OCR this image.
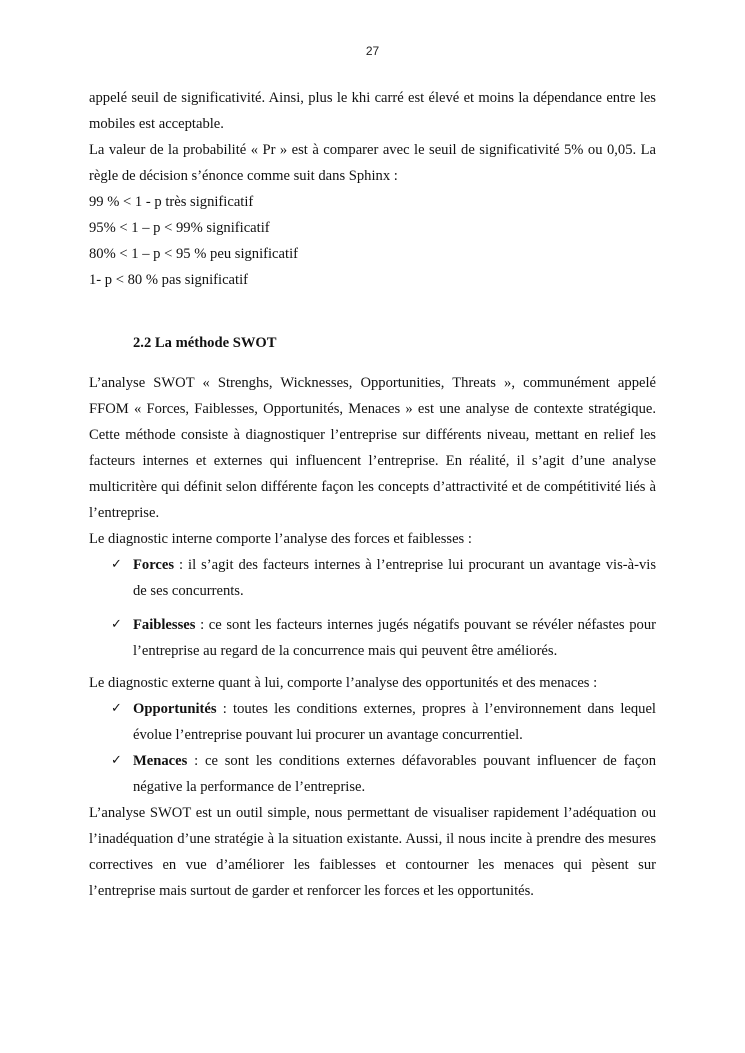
27

appelé seuil de significativité. Ainsi, plus le khi carré est élevé et moins la dépendance entre les mobiles est acceptable.

La valeur de la probabilité « Pr » est à comparer avec le seuil de significativité 5% ou 0,05. La règle de décision s’énonce comme suit dans Sphinx :

99 % < 1 - p très significatif
95% < 1 – p < 99% significatif
80% < 1 – p < 95 % peu significatif
1- p < 80 % pas significatif
2.2 La méthode SWOT

L’analyse SWOT « Strenghs, Wicknesses, Opportunities, Threats », communément appelé FFOM « Forces, Faiblesses, Opportunités, Menaces » est une analyse de contexte stratégique. Cette méthode consiste à diagnostiquer l’entreprise sur différents niveau, mettant en relief les facteurs internes et externes qui influencent l’entreprise. En réalité, il s’agit d’une analyse multicritère qui définit selon différente façon les concepts d’attractivité et de compétitivité liés à l’entreprise.

Le diagnostic interne comporte l’analyse des forces et faiblesses :

✓ Forces : il s’agit des facteurs internes à l’entreprise lui procurant un avantage vis-à-vis de ses concurrents.
✓ Faiblesses : ce sont les facteurs internes jugés négatifs pouvant se révéler néfastes pour l’entreprise au regard de la concurrence mais qui peuvent être améliorés.

Le diagnostic externe quant à lui, comporte l’analyse des opportunités et des menaces :

✓ Opportunités : toutes les conditions externes, propres à l’environnement dans lequel évolue l’entreprise pouvant lui procurer un avantage concurrentiel.
✓ Menaces : ce sont les conditions externes défavorables pouvant influencer de façon négative la performance de l’entreprise.

L’analyse SWOT est un outil simple, nous permettant de visualiser rapidement l’adéquation ou l’inadéquation d’une stratégie à la situation existante. Aussi, il nous incite à prendre des mesures correctives en vue d’améliorer les faiblesses et contourner les menaces qui pèsent sur l’entreprise mais surtout de garder et renforcer les forces et les opportunités.
